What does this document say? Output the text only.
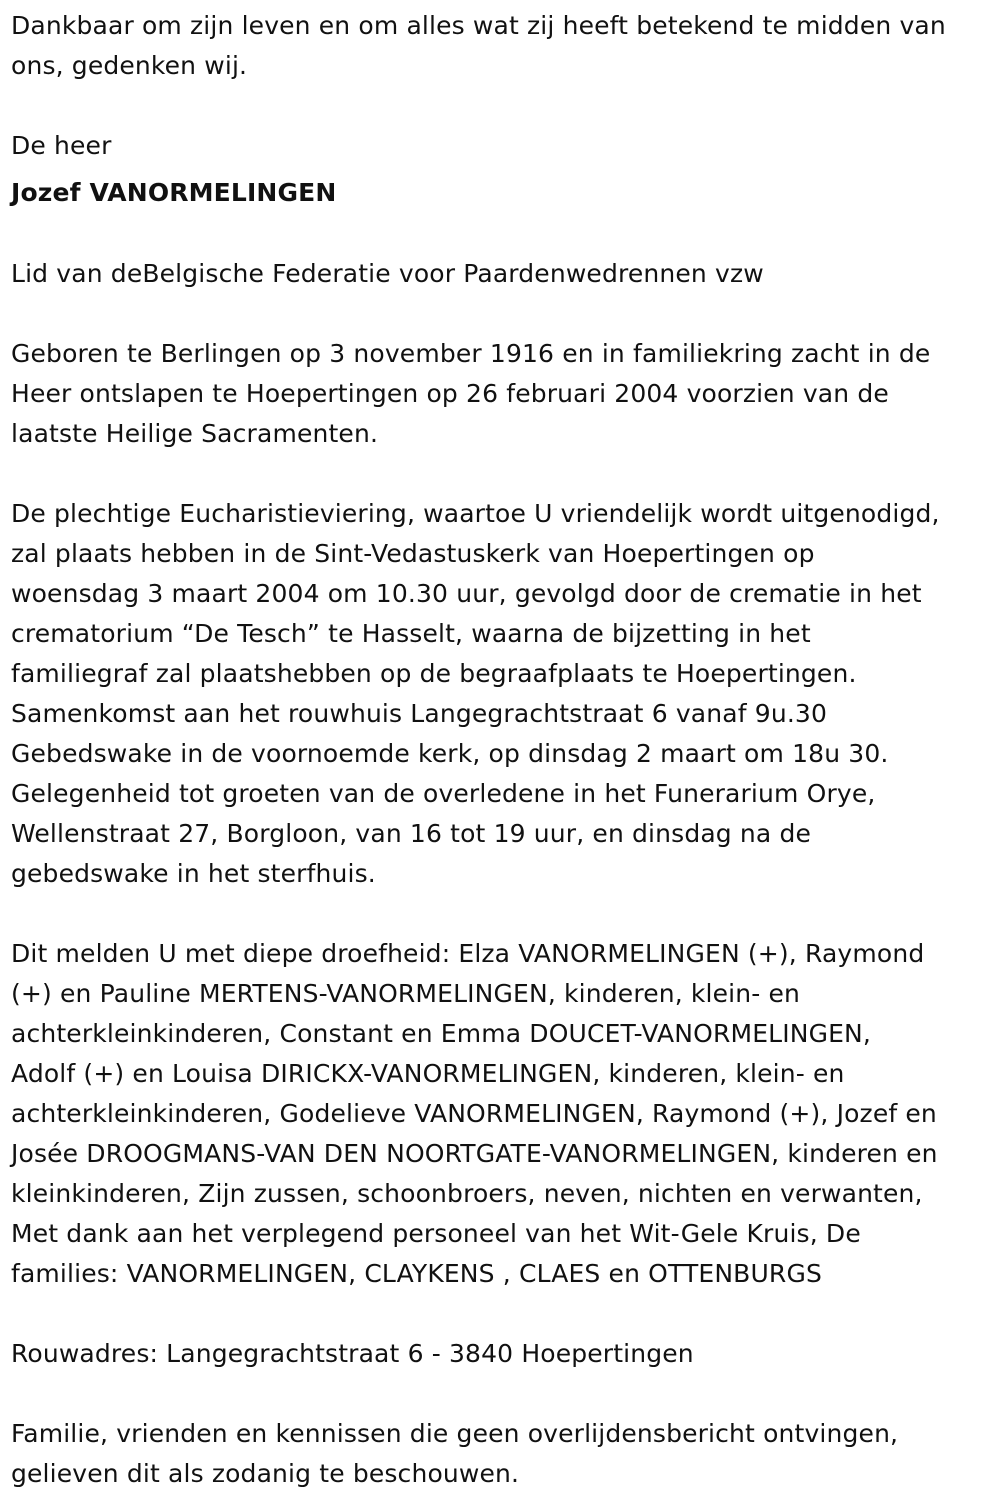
Dankbaar om zijn leven en om alles wat zij heeft betekend te midden van
ons, gedenken wij.
De heer
Jozef VANORMELINGEN
Lid van deBelgische Federatie voor Paardenwedrennen vzw
Geboren te Berlingen op 3 november 1916 en in familiekring zacht in de
Heer ontslapen te Hoepertingen op 26 februari 2004 voorzien van de
laatste Heilige Sacramenten.
De plechtige Eucharistieviering, waartoe U vriendelijk wordt uitgenodigd,
zal plaats hebben in de Sint-Vedastuskerk van Hoepertingen op
woensdag 3 maart 2004 om 10.30 uur, gevolgd door de crematie in het
crematorium “De Tesch” te Hasselt, waarna de bijzetting in het
familiegraf zal plaatshebben op de begraafplaats te Hoepertingen.
Samenkomst aan het rouwhuis Langegrachtstraat 6 vanaf 9u.30
Gebedswake in de voornoemde kerk, op dinsdag 2 maart om 18u 30.
Gelegenheid tot groeten van de overledene in het Funerarium Orye,
Wellenstraat 27, Borgloon, van 16 tot 19 uur, en dinsdag na de
gebedswake in het sterfhuis.
Dit melden U met diepe droefheid: Elza VANORMELINGEN (+), Raymond
(+) en Pauline MERTENS-VANORMELINGEN, kinderen, klein- en
achterkleinkinderen, Constant en Emma DOUCET-VANORMELINGEN,
Adolf (+) en Louisa DIRICKX-VANORMELINGEN, kinderen, klein- en
achterkleinkinderen, Godelieve VANORMELINGEN, Raymond (+), Jozef en
Josée DROOGMANS-VAN DEN NOORTGATE-VANORMELINGEN, kinderen en
kleinkinderen, Zijn zussen, schoonbroers, neven, nichten en verwanten,
Met dank aan het verplegend personeel van het Wit-Gele Kruis, De
families: VANORMELINGEN, CLAYKENS , CLAES en OTTENBURGS
Rouwadres: Langegrachtstraat 6 - 3840 Hoepertingen
Familie, vrienden en kennissen die geen overlijdensbericht ontvingen,
gelieven dit als zodanig te beschouwen.
